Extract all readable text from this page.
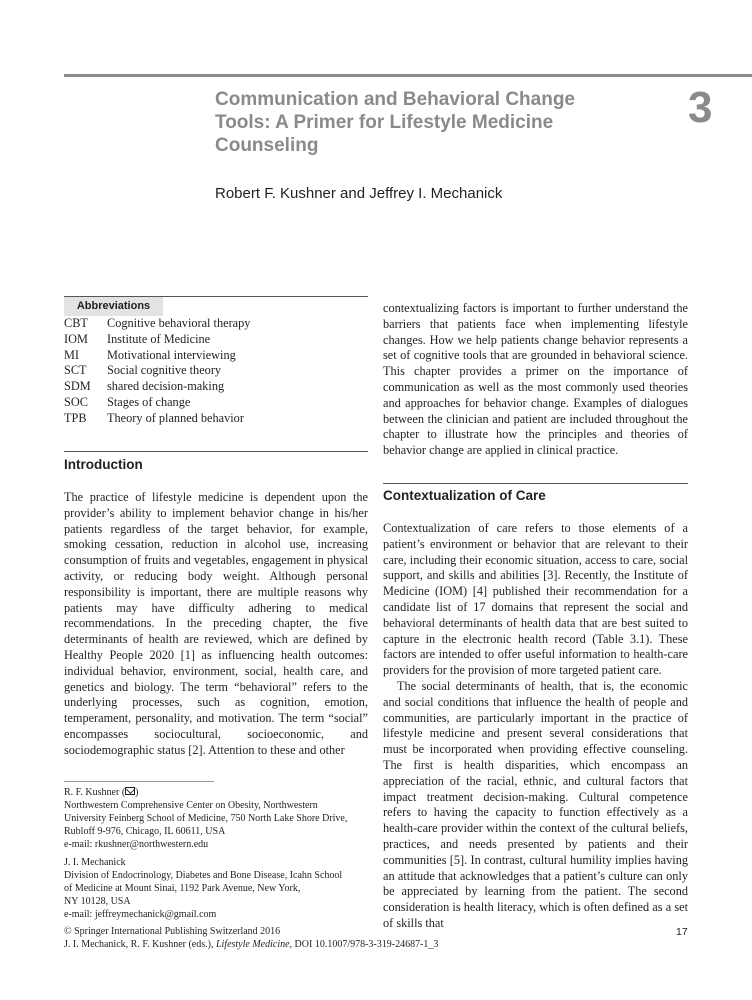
Communication and Behavioral Change Tools: A Primer for Lifestyle Medicine Counseling
3
Robert F. Kushner and Jeffrey I. Mechanick
Abbreviations
CBT	Cognitive behavioral therapy
IOM	Institute of Medicine
MI	Motivational interviewing
SCT	Social cognitive theory
SDM	shared decision-making
SOC	Stages of change
TPB	Theory of planned behavior
Introduction

The practice of lifestyle medicine is dependent upon the provider’s ability to implement behavior change in his/her patients regardless of the target behavior, for example, smoking cessation, reduction in alcohol use, increasing consumption of fruits and vegetables, engagement in physical activity, or reducing body weight. Although personal responsibility is important, there are multiple reasons why patients may have difficulty adhering to medical recommendations. In the preceding chapter, the five determinants of health are reviewed, which are defined by Healthy People 2020 [1] as influencing health outcomes: individual behavior, environment, social, health care, and genetics and biology. The term “behavioral” refers to the underlying processes, such as cognition, emotion, temperament, personality, and motivation. The term “social” encompasses sociocultural, socioeconomic, and sociodemographic status [2]. Attention to these and other

contextualizing factors is important to further understand the barriers that patients face when implementing lifestyle changes. How we help patients change behavior represents a set of cognitive tools that are grounded in behavioral science. This chapter provides a primer on the importance of communication as well as the most commonly used theories and approaches for behavior change. Examples of dialogues between the clinician and patient are included throughout the chapter to illustrate how the principles and theories of behavior change are applied in clinical practice.

Contextualization of Care

Contextualization of care refers to those elements of a patient’s environment or behavior that are relevant to their care, including their economic situation, access to care, social support, and skills and abilities [3]. Recently, the Institute of Medicine (IOM) [4] published their recommendation for a candidate list of 17 domains that represent the social and behavioral determinants of health data that are best suited to capture in the electronic health record (Table 3.1). These factors are intended to offer useful information to health-care providers for the provision of more targeted patient care.

The social determinants of health, that is, the economic and social conditions that influence the health of people and communities, are particularly important in the practice of lifestyle medicine and present several considerations that must be incorporated when providing effective counseling. The first is health disparities, which encompass an appreciation of the racial, ethnic, and cultural factors that impact treatment decision-making. Cultural competence refers to having the capacity to function effectively as a health-care provider within the context of the cultural beliefs, practices, and needs presented by patients and their communities [5]. In contrast, cultural humility implies having an attitude that acknowledges that a patient’s culture can only be appreciated by learning from the patient. The second consideration is health literacy, which is often defined as a set of skills that

R. F. Kushner ( )

Northwestern Comprehensive Center on Obesity, Northwestern

University Feinberg School of Medicine, 750 North Lake Shore Drive,

Rubloff 9-976, Chicago, IL 60611, USA

e-mail: rkushner@northwestern.edu

J. I. Mechanick

Division of Endocrinology, Diabetes and Bone Disease, Icahn School

of Medicine at Mount Sinai, 1192 Park Avenue, New York,

NY 10128, USA

e-mail: jeffreymechanick@gmail.com

© Springer International Publishing Switzerland 2016

J. I. Mechanick, R. F. Kushner (eds.), Lifestyle Medicine, DOI 10.1007/978-3-319-24687-1_3

17
